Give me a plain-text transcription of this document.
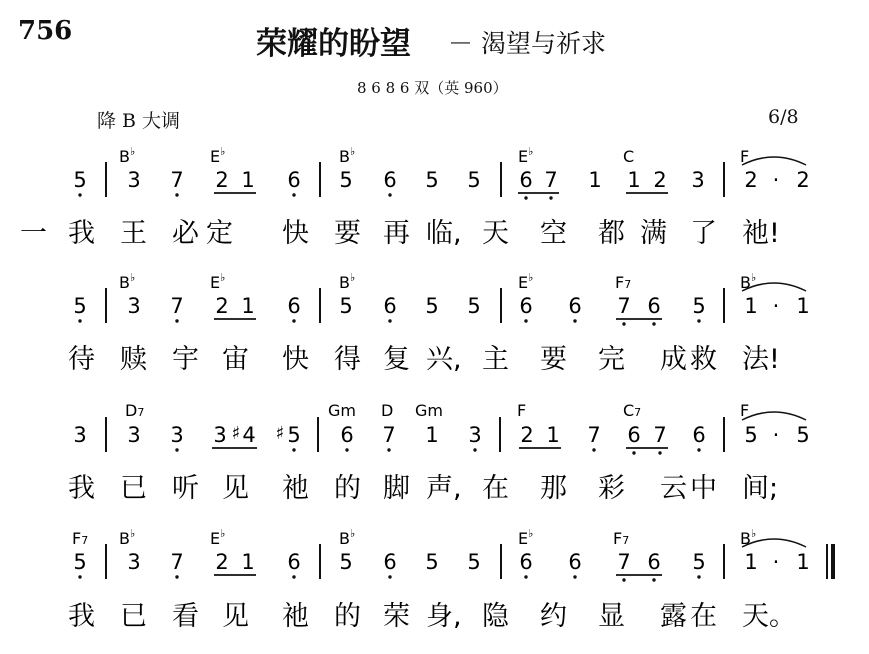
756	荣耀的盼望 － 渴望与祈求
8 6 8 6 双（英 960）
降 B 大调	6/8
5 3 7 2 1 6 5 6 5 5 6 7 1 1 2 3 2 · 2
B♭	E♭	B♭	E♭	C	F
一 我 王 必 定 快 要 再 临, 天 空 都 满 了 祂!
5 3 7 2 1 6 5 6 5 5 6 6 7 6 5 1 · 1
B♭	E♭	B♭	E♭	F7	B♭
待 赎 宇 宙 快 得 复 兴, 主 要 完 成 救 法!
3 3 3 3 4 5 6 7 1 3 2 1 7 6 7 6 5 · 5
♯ ♯
D7	Gm D Gm	F	C7	F
我 已 听 见 祂 的 脚 声, 在 那 彩 云 中 间;
5 3 7 2 1 6 5 6 5 5 6 6 7 6 5 1 · 1
F7 B♭	E♭	B♭	E♭	F7	B♭
我 已 看 见 祂 的 荣 身, 隐 约 显 露 在 天。
